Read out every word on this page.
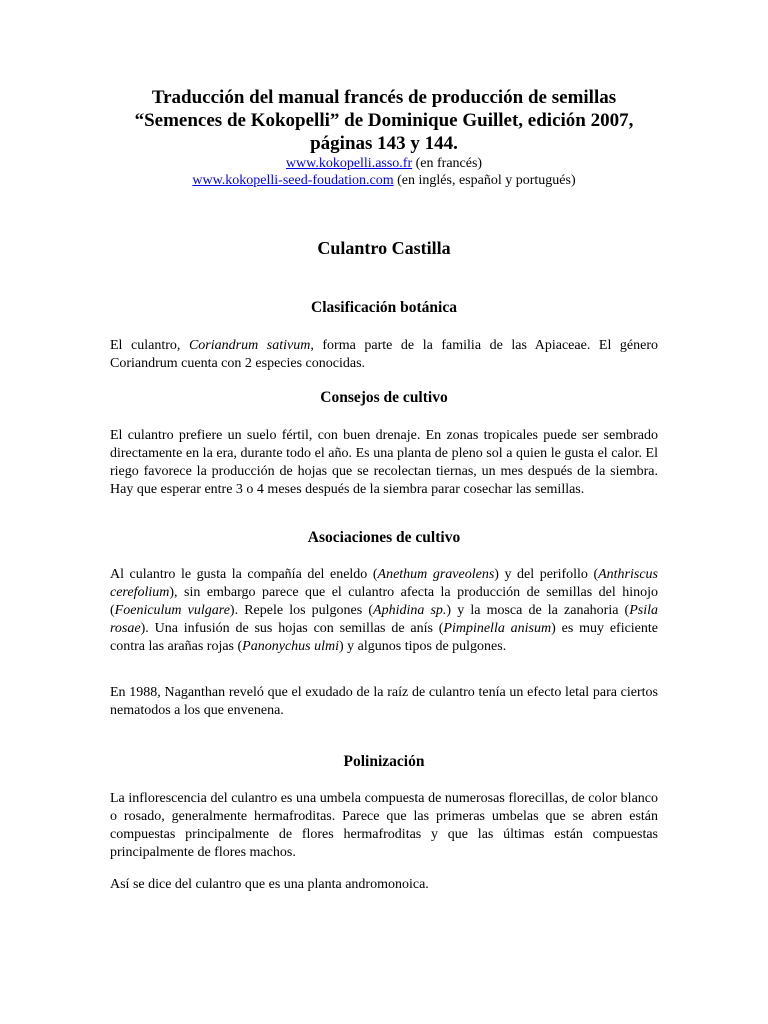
Traducción del manual francés de producción de semillas

“Semences de Kokopelli” de Dominique Guillet, edición 2007,

páginas 143 y 144.

www.kokopelli.asso.fr (en francés)

www.kokopelli-seed-foudation.com (en inglés, español y portugués)

Culantro Castilla
Clasificación botánica

El culantro, Coriandrum sativum, forma parte de la familia de las Apiaceae. El género Coriandrum cuenta con 2 especies conocidas.

Consejos de cultivo

El culantro prefiere un suelo fértil, con buen drenaje. En zonas tropicales puede ser sembrado directamente en la era, durante todo el año. Es una planta de pleno sol a quien le gusta el calor. El riego favorece la producción de hojas que se recolectan tiernas, un mes después de la siembra. Hay que esperar entre 3 o 4 meses después de la siembra parar cosechar las semillas.

Asociaciones de cultivo

Al culantro le gusta la compañía del eneldo (Anethum graveolens) y del perifollo (Anthriscus cerefolium), sin embargo parece que el culantro afecta la producción de semillas del hinojo (Foeniculum vulgare). Repele los pulgones (Aphidina sp.) y la mosca de la zanahoria (Psila rosae). Una infusión de sus hojas con semillas de anís (Pimpinella anisum) es muy eficiente contra las arañas rojas (Panonychus ulmi) y algunos tipos de pulgones.

En 1988, Naganthan reveló que el exudado de la raíz de culantro tenía un efecto letal para ciertos nematodos a los que envenena.

Polinización

La inflorescencia del culantro es una umbela compuesta de numerosas florecillas, de color blanco o rosado, generalmente hermafroditas. Parece que las primeras umbelas que se abren están compuestas principalmente de flores hermafroditas y que las últimas están compuestas principalmente de flores machos.

Así se dice del culantro que es una planta andromonoica.
